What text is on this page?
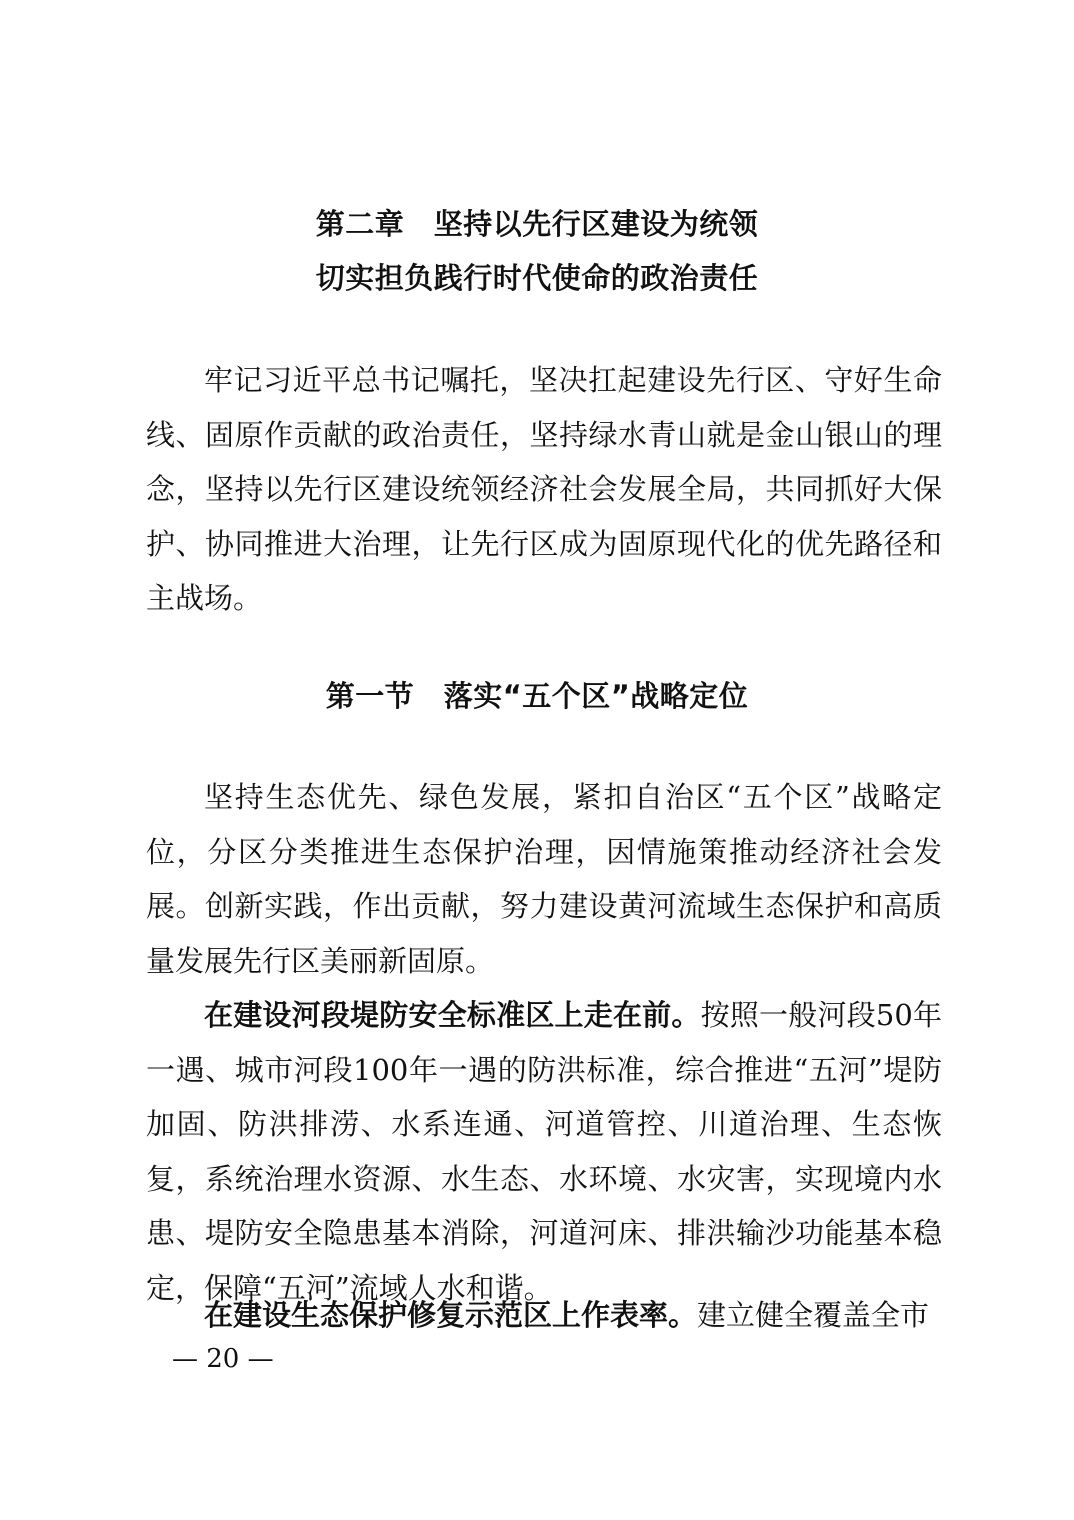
第二章　坚持以先行区建设为统领
切实担负践行时代使命的政治责任

牢记习近平总书记嘱托，坚决扛起建设先行区、守好生命线、固原作贡献的政治责任，坚持绿水青山就是金山银山的理念，坚持以先行区建设统领经济社会发展全局，共同抓好大保护、协同推进大治理，让先行区成为固原现代化的优先路径和主战场。

第一节　落实“五个区”战略定位

坚持生态优先、绿色发展，紧扣自治区“五个区”战略定位，分区分类推进生态保护治理，因情施策推动经济社会发展。创新实践，作出贡献，努力建设黄河流域生态保护和高质量发展先行区美丽新固原。

在建设河段堤防安全标准区上走在前。按照一般河段50年一遇、城市河段100年一遇的防洪标准，综合推进“五河”堤防加固、防洪排涝、水系连通、河道管控、川道治理、生态恢复，系统治理水资源、水生态、水环境、水灾害，实现境内水患、堤防安全隐患基本消除，河道河床、排洪输沙功能基本稳定，保障“五河”流域人水和谐。

在建设生态保护修复示范区上作表率。建立健全覆盖全市

— 20 —
